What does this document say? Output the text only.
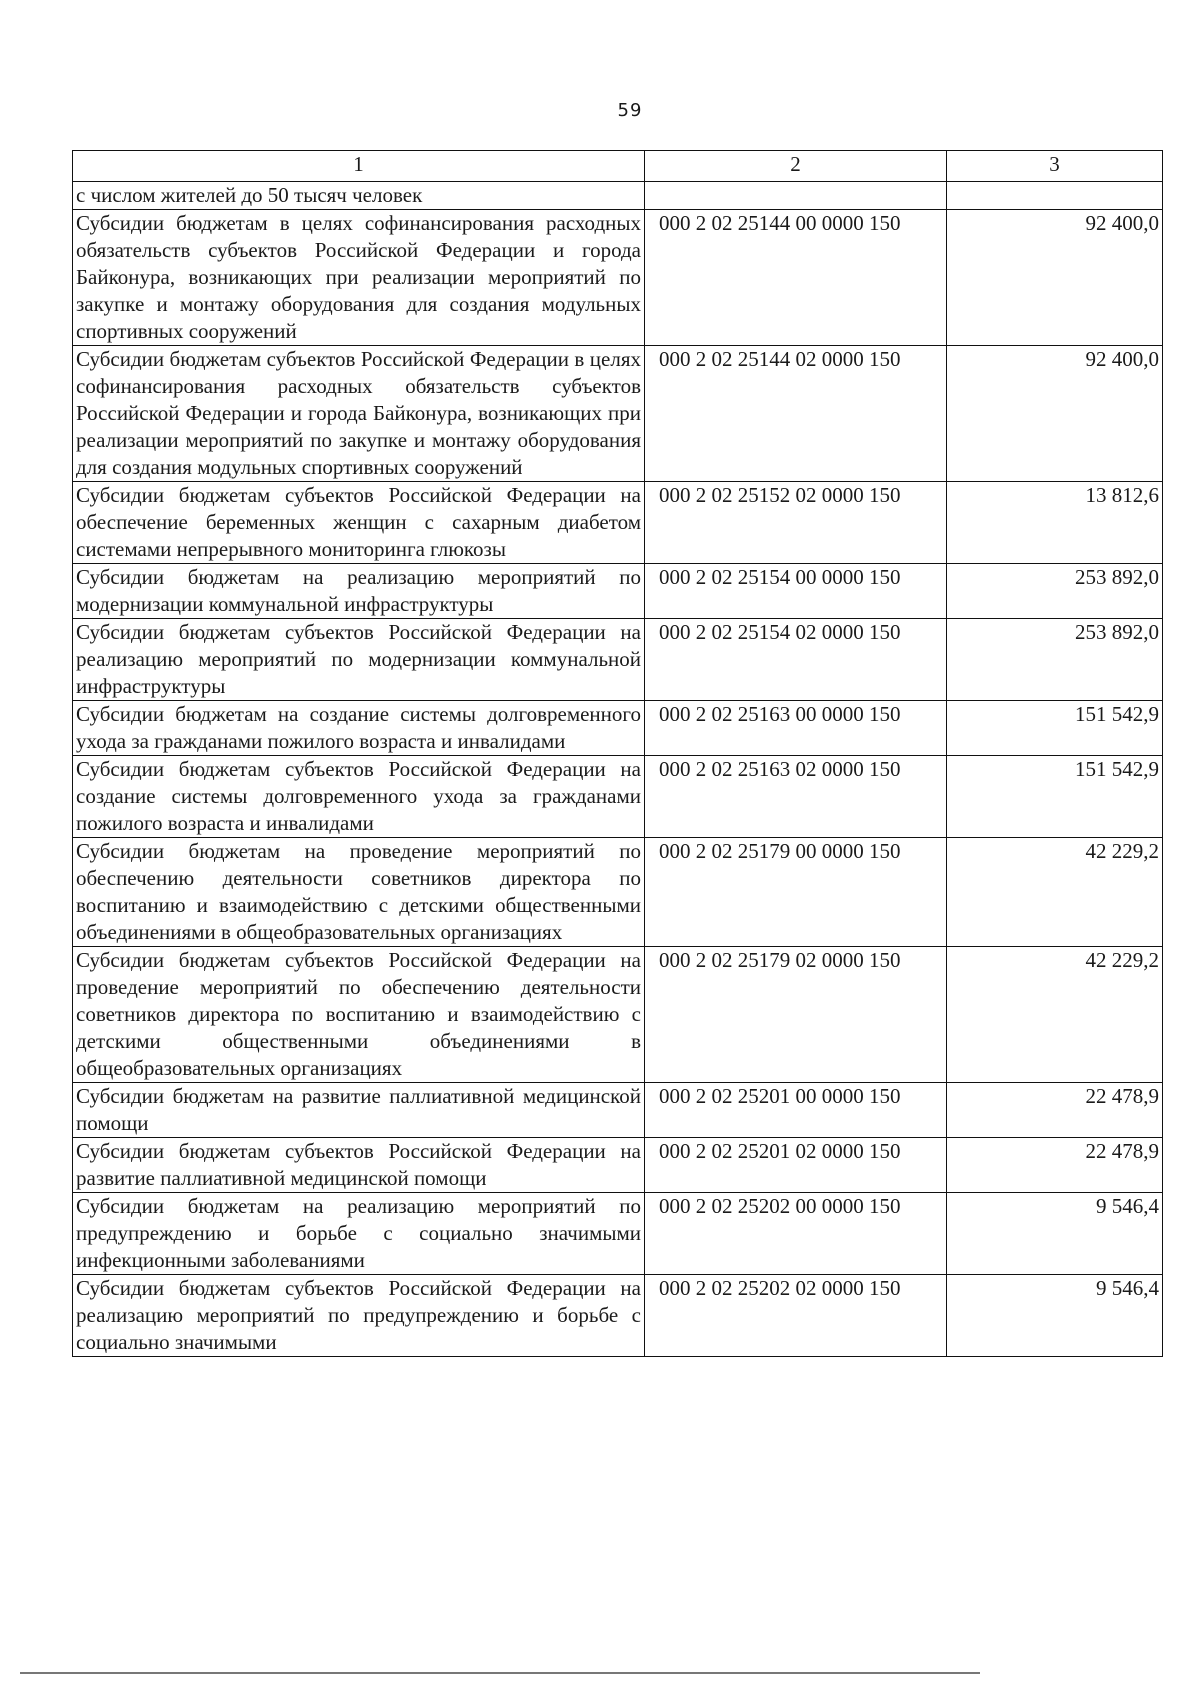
59
1	2	3
с числом жителей до 50 тысяч человек		
Субсидии бюджетам в целях софинансирования расходных обязательств субъектов Российской Федерации и города Байконура, возникающих при реализации мероприятий по закупке и монтажу оборудования для создания модульных спортивных сооружений	000 2 02 25144 00 0000 150	92 400,0
Субсидии бюджетам субъектов Российской Федерации в целях софинансирования расходных обязательств субъектов Российской Федерации и города Байконура, возникающих при реализации мероприятий по закупке и монтажу оборудования для создания модульных спортивных сооружений	000 2 02 25144 02 0000 150	92 400,0
Субсидии бюджетам субъектов Российской Федерации на обеспечение беременных женщин с сахарным диабетом системами непрерывного мониторинга глюкозы	000 2 02 25152 02 0000 150	13 812,6
Субсидии бюджетам на реализацию мероприятий по модернизации коммунальной инфраструктуры	000 2 02 25154 00 0000 150	253 892,0
Субсидии бюджетам субъектов Российской Федерации на реализацию мероприятий по модернизации коммунальной инфраструктуры	000 2 02 25154 02 0000 150	253 892,0
Субсидии бюджетам на создание системы долговременного ухода за гражданами пожилого возраста и инвалидами	000 2 02 25163 00 0000 150	151 542,9
Субсидии бюджетам субъектов Российской Федерации на создание системы долговременного ухода за гражданами пожилого возраста и инвалидами	000 2 02 25163 02 0000 150	151 542,9
Субсидии бюджетам на проведение мероприятий по обеспечению деятельности советников директора по воспитанию и взаимодействию с детскими общественными объединениями в общеобразовательных организациях	000 2 02 25179 00 0000 150	42 229,2
Субсидии бюджетам субъектов Российской Федерации на проведение мероприятий по обеспечению деятельности советников директора по воспитанию и взаимодействию с детскими общественными объединениями в общеобразовательных организациях	000 2 02 25179 02 0000 150	42 229,2
Субсидии бюджетам на развитие паллиативной медицинской помощи	000 2 02 25201 00 0000 150	22 478,9
Субсидии бюджетам субъектов Российской Федерации на развитие паллиативной медицинской помощи	000 2 02 25201 02 0000 150	22 478,9
Субсидии бюджетам на реализацию мероприятий по предупреждению и борьбе с социально значимыми инфекционными заболеваниями	000 2 02 25202 00 0000 150	9 546,4
Субсидии бюджетам субъектов Российской Федерации на реализацию мероприятий по предупреждению и борьбе с социально значимыми	000 2 02 25202 02 0000 150	9 546,4
